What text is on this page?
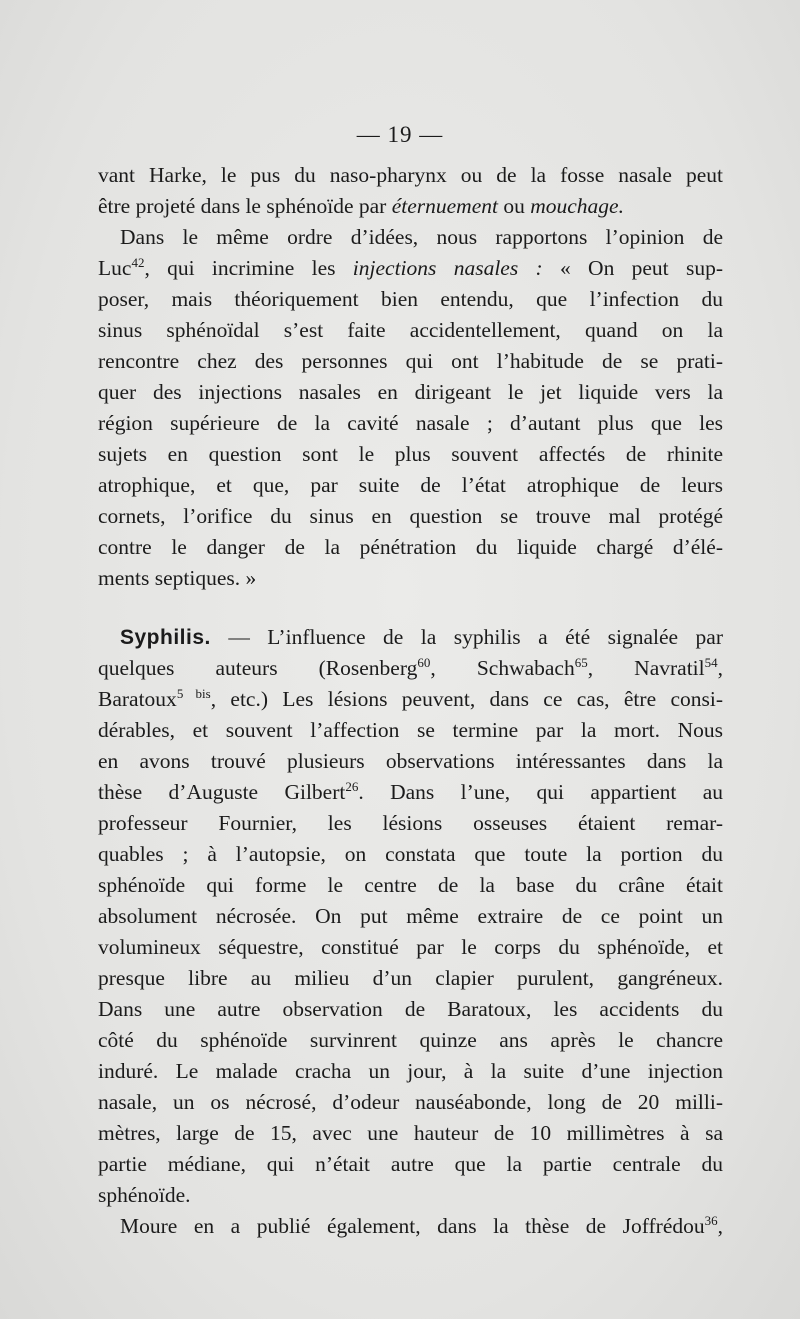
— 19 —

vant Harke, le pus du naso-pharynx ou de la fosse nasale peut
être projeté dans le sphénoïde par éternuement ou mouchage.

Dans le même ordre d’idées, nous rapportons l’opinion de
Luc$^{42}$, qui incrimine les injections nasales : « On peut sup-
poser, mais théoriquement bien entendu, que l’infection du
sinus sphénoïdal s’est faite accidentellement, quand on la
rencontre chez des personnes qui ont l’habitude de se prati-
quer des injections nasales en dirigeant le jet liquide vers la
région supérieure de la cavité nasale ; d’autant plus que les
sujets en question sont le plus souvent affectés de rhinite
atrophique, et que, par suite de l’état atrophique de leurs
cornets, l’orifice du sinus en question se trouve mal protégé
contre le danger de la pénétration du liquide chargé d’élé-
ments septiques. »

Syphilis. — L’influence de la syphilis a été signalée par
quelques auteurs (Rosenberg$^{60}$, Schwabach$^{65}$, Navratil$^{54}$,
Baratoux$^{5 bis}$, etc.) Les lésions peuvent, dans ce cas, être consi-
dérables, et souvent l’affection se termine par la mort. Nous
en avons trouvé plusieurs observations intéressantes dans la
thèse d’Auguste Gilbert$^{26}$. Dans l’une, qui appartient au
professeur Fournier, les lésions osseuses étaient remar-
quables ; à l’autopsie, on constata que toute la portion du
sphénoïde qui forme le centre de la base du crâne était
absolument nécrosée. On put même extraire de ce point un
volumineux séquestre, constitué par le corps du sphénoïde, et
presque libre au milieu d’un clapier purulent, gangréneux.
Dans une autre observation de Baratoux, les accidents du
côté du sphénoïde survinrent quinze ans après le chancre
induré. Le malade cracha un jour, à la suite d’une injection
nasale, un os nécrosé, d’odeur nauséabonde, long de 20 milli-
mètres, large de 15, avec une hauteur de 10 millimètres à sa
partie médiane, qui n’était autre que la partie centrale du
sphénoïde.

Moure en a publié également, dans la thèse de Joffrédou$^{36}$,
